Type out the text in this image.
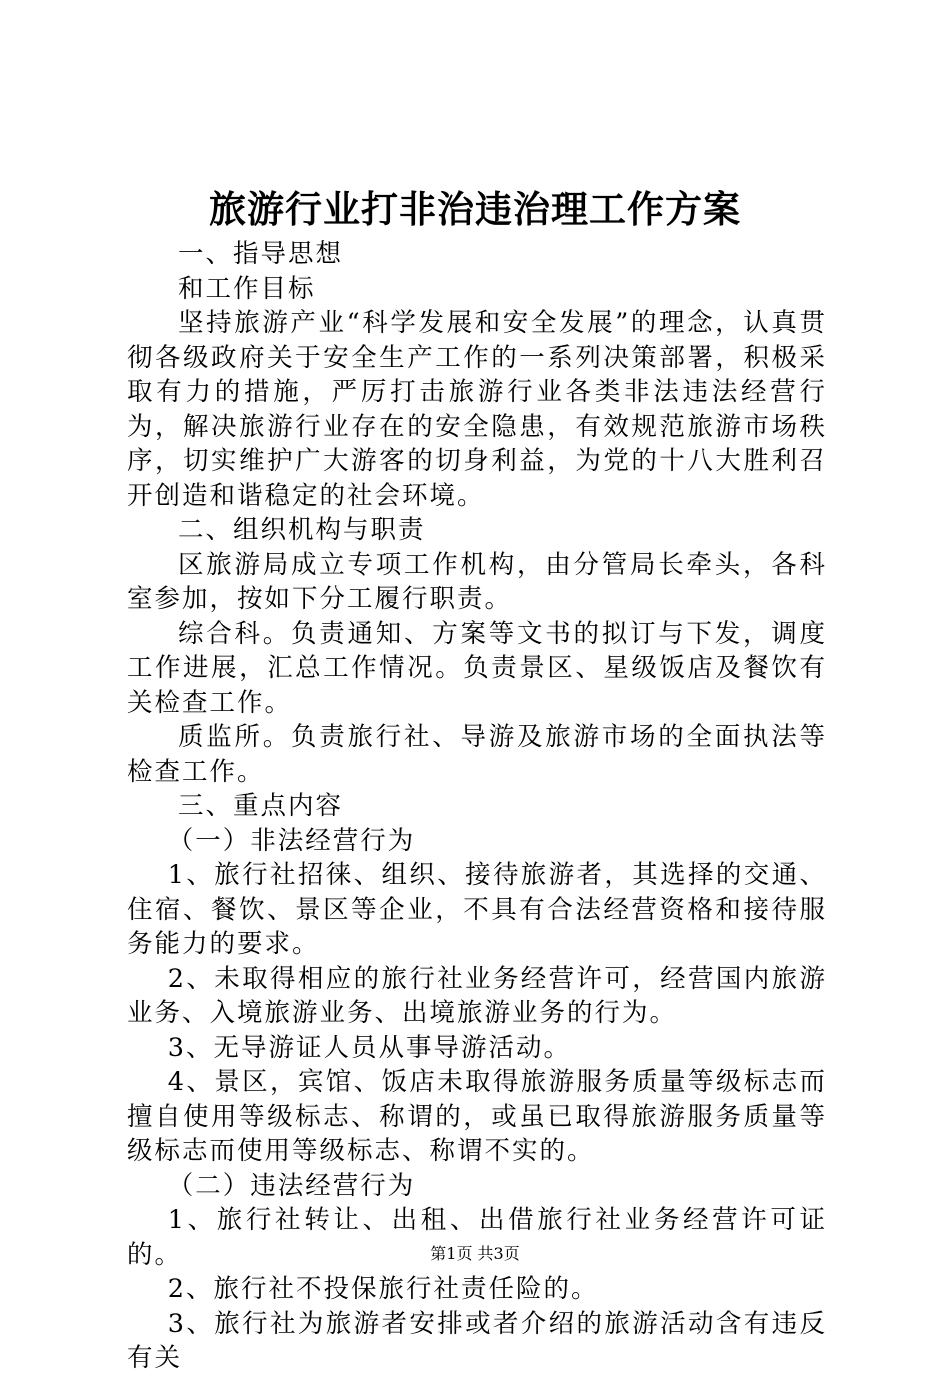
旅游行业打非治违治理工作方案

一、指导思想

和工作目标

坚持旅游产业“科学发展和安全发展”的理念，认真贯彻各级政府关于安全生产工作的一系列决策部署，积极采取有力的措施，严厉打击旅游行业各类非法违法经营行为，解决旅游行业存在的安全隐患，有效规范旅游市场秩序，切实维护广大游客的切身利益，为党的十八大胜利召开创造和谐稳定的社会环境。

二、组织机构与职责

区旅游局成立专项工作机构，由分管局长牵头，各科室参加，按如下分工履行职责。

综合科。负责通知、方案等文书的拟订与下发，调度工作进展，汇总工作情况。负责景区、星级饭店及餐饮有关检查工作。

质监所。负责旅行社、导游及旅游市场的全面执法等检查工作。

三、重点内容

（一）非法经营行为

1、旅行社招徕、组织、接待旅游者，其选择的交通、住宿、餐饮、景区等企业，不具有合法经营资格和接待服务能力的要求。

2、未取得相应的旅行社业务经营许可，经营国内旅游业务、入境旅游业务、出境旅游业务的行为。

3、无导游证人员从事导游活动。

4、景区，宾馆、饭店未取得旅游服务质量等级标志而擅自使用等级标志、称谓的，或虽已取得旅游服务质量等级标志而使用等级标志、称谓不实的。

（二）违法经营行为

1、旅行社转让、出租、出借旅行社业务经营许可证的。

2、旅行社不投保旅行社责任险的。

3、旅行社为旅游者安排或者介绍的旅游活动含有违反有关

第1页 共3页
